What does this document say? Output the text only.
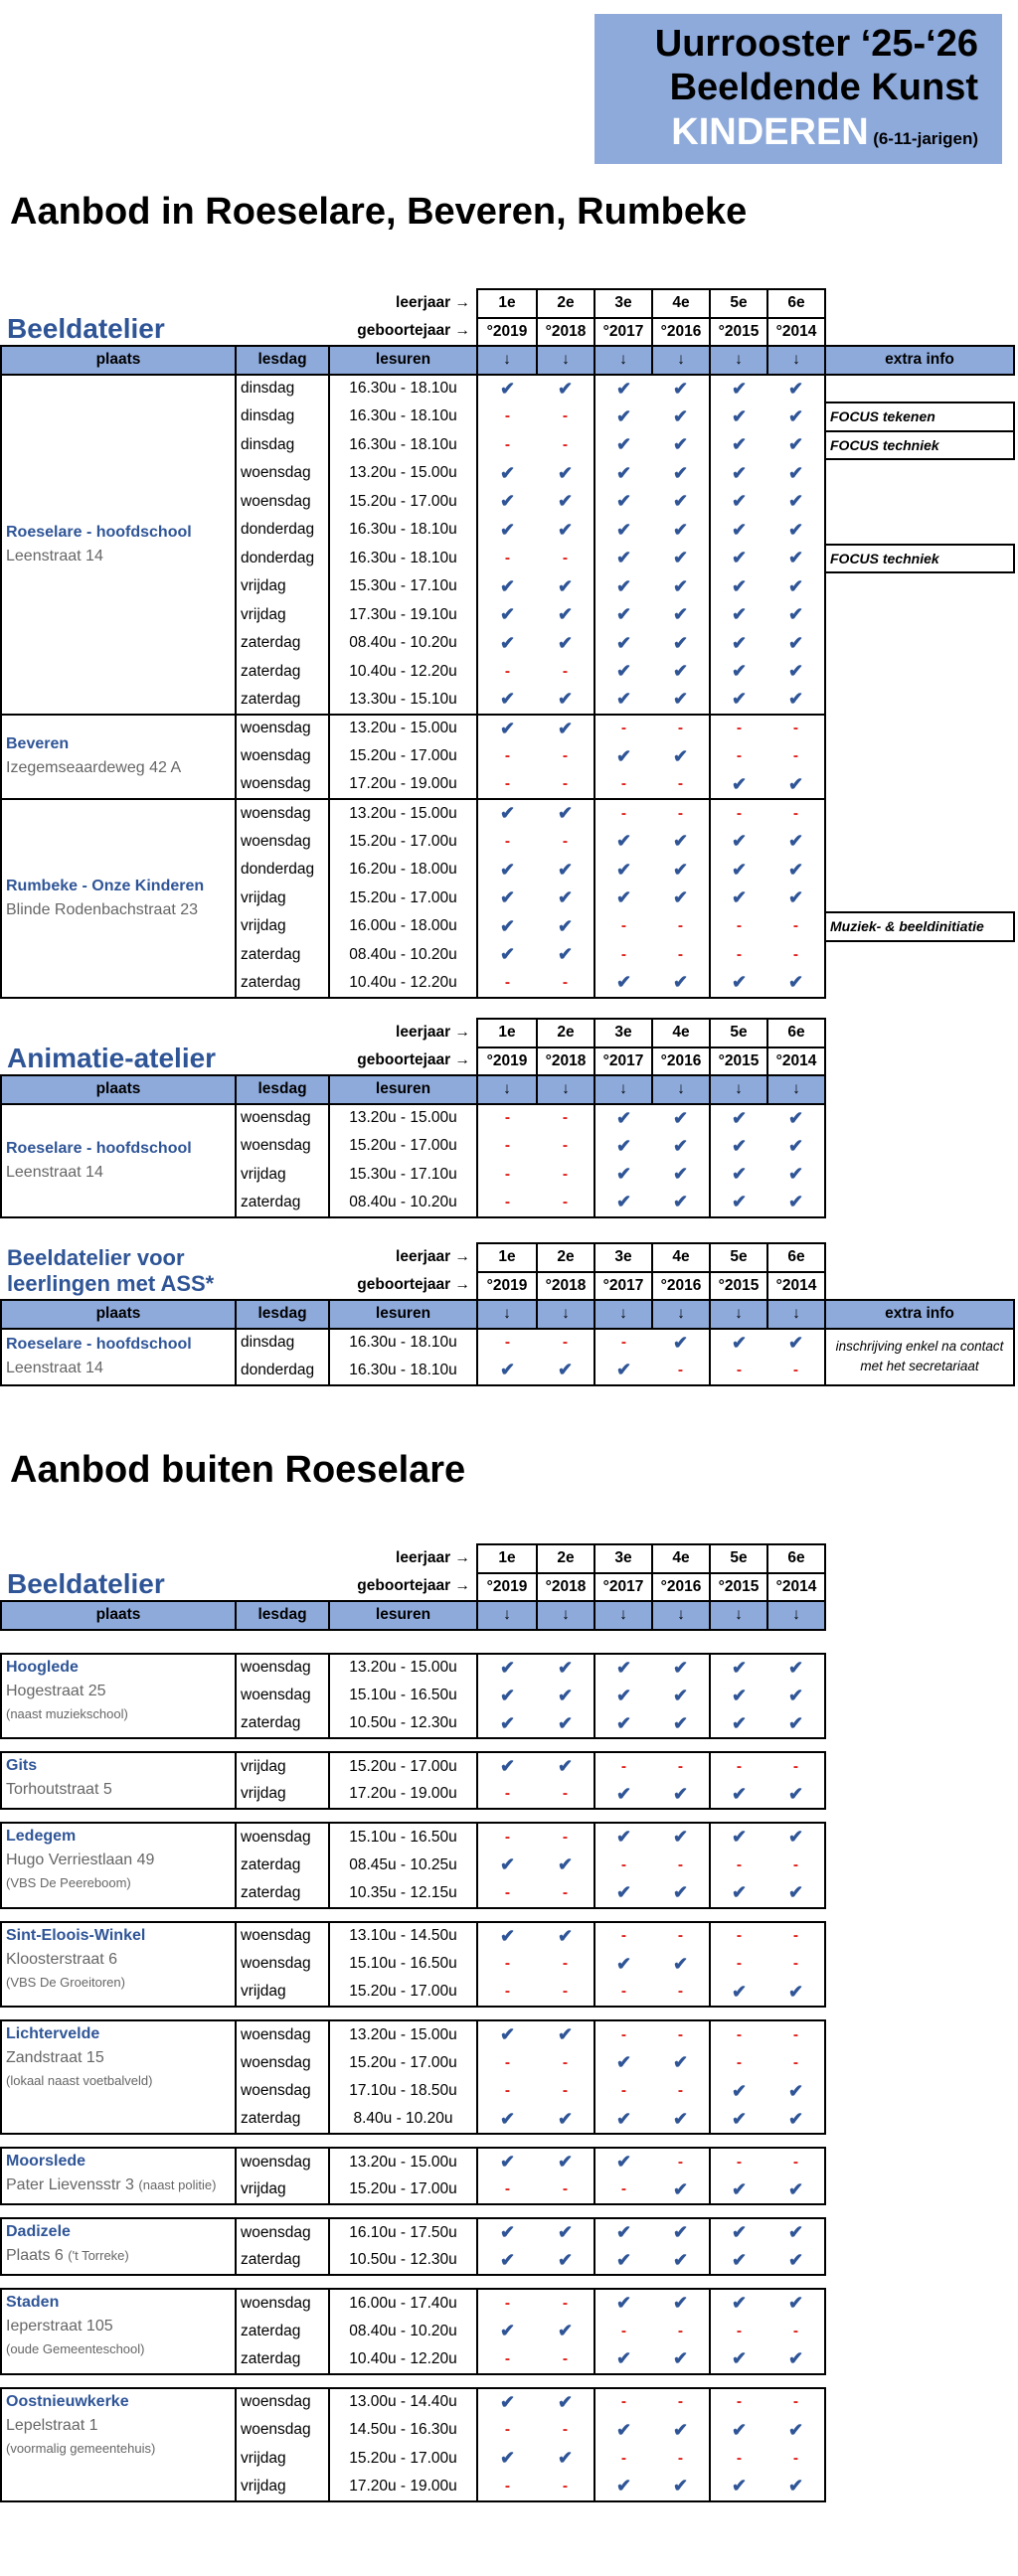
Uurrooster ‘25-‘26
Beeldende Kunst
KINDEREN (6-11-jarigen)
Aanbod in Roeselare, Beveren, Rumbeke
Beeldatelier		leerjaar →	1e	2e	3e	4e	5e	6e	
		geboortejaar →	°2019	°2018	°2017	°2016	°2015	°2014	
plaats	lesdag	lesuren	↓	↓	↓	↓	↓	↓	extra info

Roeselare - hoofdschool
Leenstraat 14	dinsdag	16.30u - 18.10u	✔	✔	✔	✔	✔	✔	
	dinsdag	16.30u - 18.10u	-	-	✔	✔	✔	✔	FOCUS tekenen
	dinsdag	16.30u - 18.10u	-	-	✔	✔	✔	✔	FOCUS techniek
	woensdag	13.20u - 15.00u	✔	✔	✔	✔	✔	✔	
	woensdag	15.20u - 17.00u	✔	✔	✔	✔	✔	✔	
	donderdag	16.30u - 18.10u	✔	✔	✔	✔	✔	✔	
	donderdag	16.30u - 18.10u	-	-	✔	✔	✔	✔	FOCUS techniek
	vrijdag	15.30u - 17.10u	✔	✔	✔	✔	✔	✔	
	vrijdag	17.30u - 19.10u	✔	✔	✔	✔	✔	✔	
	zaterdag	08.40u - 10.20u	✔	✔	✔	✔	✔	✔	
	zaterdag	10.40u - 12.20u	-	-	✔	✔	✔	✔	
	zaterdag	13.30u - 15.10u	✔	✔	✔	✔	✔	✔	

Beveren
Izegemseaardeweg 42 A	woensdag	13.20u - 15.00u	✔	✔	-	-	-	-	
	woensdag	15.20u - 17.00u	-	-	✔	✔	-	-	
	woensdag	17.20u - 19.00u	-	-	-	-	✔	✔	

Rumbeke - Onze Kinderen
Blinde Rodenbachstraat 23	woensdag	13.20u - 15.00u	✔	✔	-	-	-	-	
	woensdag	15.20u - 17.00u	-	-	✔	✔	✔	✔	
	donderdag	16.20u - 18.00u	✔	✔	✔	✔	✔	✔	
	vrijdag	15.20u - 17.00u	✔	✔	✔	✔	✔	✔	
	vrijdag	16.00u - 18.00u	✔	✔	-	-	-	-	Muziek- & beeldinitiatie
	zaterdag	08.40u - 10.20u	✔	✔	-	-	-	-	
	zaterdag	10.40u - 12.20u	-	-	✔	✔	✔	✔	
Animatie-atelier		leerjaar →	1e	2e	3e	4e	5e	6e
		geboortejaar →	°2019	°2018	°2017	°2016	°2015	°2014
plaats	lesdag	lesuren	↓	↓	↓	↓	↓	↓

Roeselare - hoofdschool
Leenstraat 14	woensdag	13.20u - 15.00u	-	-	✔	✔	✔	✔
	woensdag	15.20u - 17.00u	-	-	✔	✔	✔	✔
	vrijdag	15.30u - 17.10u	-	-	✔	✔	✔	✔
	zaterdag	08.40u - 10.20u	-	-	✔	✔	✔	✔
Beeldatelier voor
leerlingen met ASS*		leerjaar →	1e	2e	3e	4e	5e	6e	
		geboortejaar →	°2019	°2018	°2017	°2016	°2015	°2014	
plaats	lesdag	lesuren	↓	↓	↓	↓	↓	↓	extra info

Roeselare - hoofdschool
Leenstraat 14	dinsdag	16.30u - 18.10u	-	-	-	✔	✔	✔	inschrijving enkel na contact met het secretariaat
	donderdag	16.30u - 18.10u	✔	✔	✔	-	-	-	
Aanbod buiten Roeselare
Beeldatelier		leerjaar →	1e	2e	3e	4e	5e	6e
		geboortejaar →	°2019	°2018	°2017	°2016	°2015	°2014
plaats	lesdag	lesuren	↓	↓	↓	↓	↓	↓

Hooglede
Hogestraat 25
(naast muziekschool)	woensdag	13.20u - 15.00u	✔	✔	✔	✔	✔	✔
	woensdag	15.10u - 16.50u	✔	✔	✔	✔	✔	✔
	zaterdag	10.50u - 12.30u	✔	✔	✔	✔	✔	✔

Gits
Torhoutstraat 5	vrijdag	15.20u - 17.00u	✔	✔	-	-	-	-
	vrijdag	17.20u - 19.00u	-	-	✔	✔	✔	✔

Ledegem
Hugo Verriestlaan 49
(VBS De Peereboom)	woensdag	15.10u - 16.50u	-	-	✔	✔	✔	✔
	zaterdag	08.45u - 10.25u	✔	✔	-	-	-	-
	zaterdag	10.35u - 12.15u	-	-	✔	✔	✔	✔

Sint-Eloois-Winkel
Kloosterstraat 6
(VBS De Groeitoren)	woensdag	13.10u - 14.50u	✔	✔	-	-	-	-
	woensdag	15.10u - 16.50u	-	-	✔	✔	-	-
	vrijdag	15.20u - 17.00u	-	-	-	-	✔	✔

Lichtervelde
Zandstraat 15
(lokaal naast voetbalveld)	woensdag	13.20u - 15.00u	✔	✔	-	-	-	-
	woensdag	15.20u - 17.00u	-	-	✔	✔	-	-
	woensdag	17.10u - 18.50u	-	-	-	-	✔	✔
	zaterdag	8.40u - 10.20u	✔	✔	✔	✔	✔	✔

Moorslede
Pater Lievensstr 3 (naast politie)	woensdag	13.20u - 15.00u	✔	✔	✔	-	-	-
	vrijdag	15.20u - 17.00u	-	-	-	✔	✔	✔

Dadizele
Plaats 6 ('t Torreke)	woensdag	16.10u - 17.50u	✔	✔	✔	✔	✔	✔
	zaterdag	10.50u - 12.30u	✔	✔	✔	✔	✔	✔

Staden
Ieperstraat 105
(oude Gemeenteschool)	woensdag	16.00u - 17.40u	-	-	✔	✔	✔	✔
	zaterdag	08.40u - 10.20u	✔	✔	-	-	-	-
	zaterdag	10.40u - 12.20u	-	-	✔	✔	✔	✔

Oostnieuwkerke
Lepelstraat 1
(voormalig gemeentehuis)	woensdag	13.00u - 14.40u	✔	✔	-	-	-	-
	woensdag	14.50u - 16.30u	-	-	✔	✔	✔	✔
	vrijdag	15.20u - 17.00u	✔	✔	-	-	-	-
	vrijdag	17.20u - 19.00u	-	-	✔	✔	✔	✔
